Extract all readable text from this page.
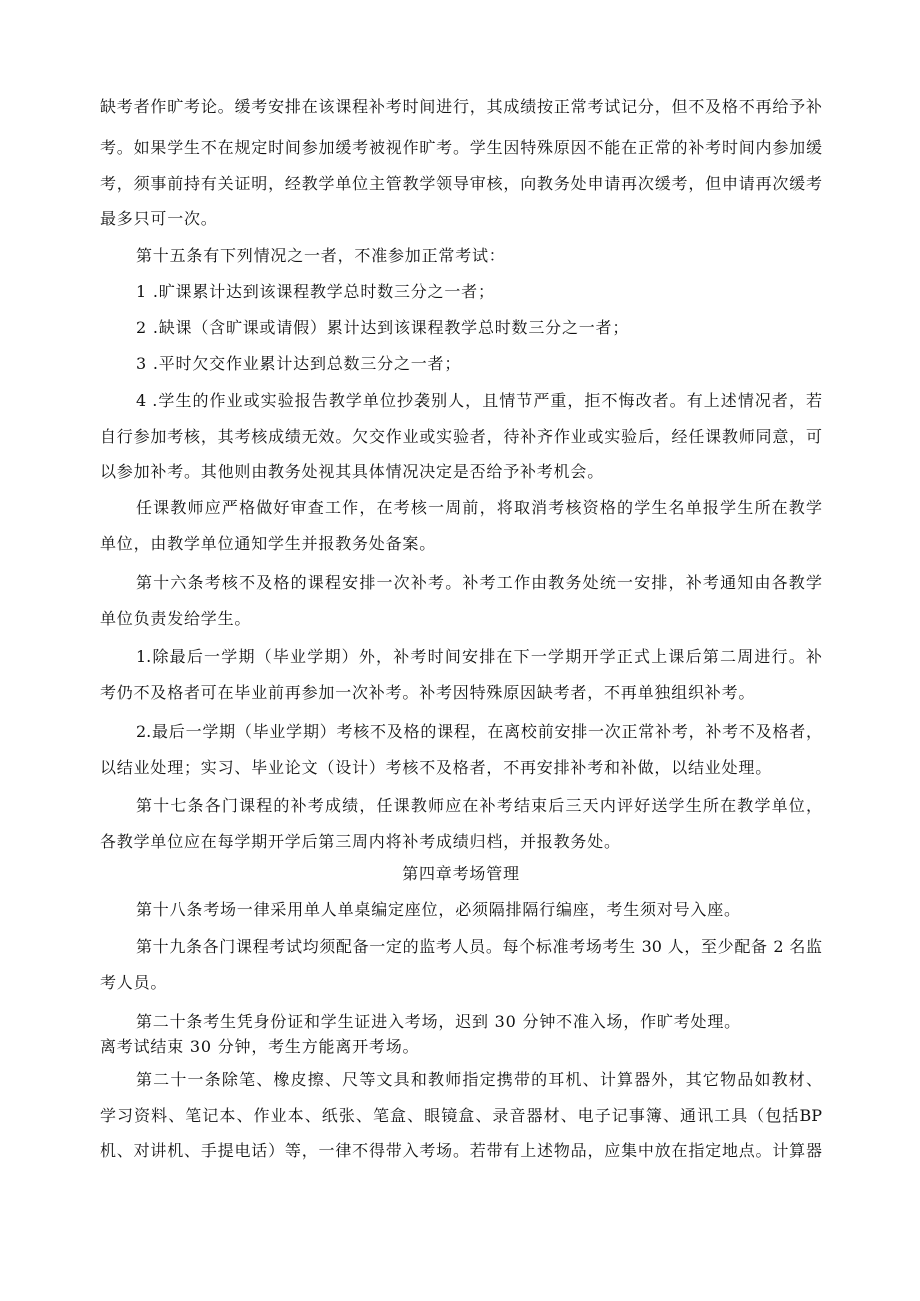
缺考者作旷考论。缓考安排在该课程补考时间进行，其成绩按正常考试记分，但不及格不再给予补
考。如果学生不在规定时间参加缓考被视作旷考。学生因特殊原因不能在正常的补考时间内参加缓
考，须事前持有关证明，经教学单位主管教学领导审核，向教务处申请再次缓考，但申请再次缓考
最多只可一次。
第十五条有下列情况之一者，不准参加正常考试：
1 .旷课累计达到该课程教学总时数三分之一者；
2 .缺课（含旷课或请假）累计达到该课程教学总时数三分之一者；
3 .平时欠交作业累计达到总数三分之一者；
4 .学生的作业或实验报告教学单位抄袭别人，且情节严重，拒不悔改者。有上述情况者，若
自行参加考核，其考核成绩无效。欠交作业或实验者，待补齐作业或实验后，经任课教师同意，可
以参加补考。其他则由教务处视其具体情况决定是否给予补考机会。
任课教师应严格做好审查工作，在考核一周前，将取消考核资格的学生名单报学生所在教学
单位，由教学单位通知学生并报教务处备案。
第十六条考核不及格的课程安排一次补考。补考工作由教务处统一安排，补考通知由各教学
单位负责发给学生。
1.除最后一学期（毕业学期）外，补考时间安排在下一学期开学正式上课后第二周进行。补
考仍不及格者可在毕业前再参加一次补考。补考因特殊原因缺考者，不再单独组织补考。
2.最后一学期（毕业学期）考核不及格的课程，在离校前安排一次正常补考，补考不及格者，
以结业处理；实习、毕业论文（设计）考核不及格者，不再安排补考和补做，以结业处理。
第十七条各门课程的补考成绩，任课教师应在补考结束后三天内评好送学生所在教学单位，
各教学单位应在每学期开学后第三周内将补考成绩归档，并报教务处。
第四章考场管理
第十八条考场一律采用单人单桌编定座位，必须隔排隔行编座，考生须对号入座。
第十九条各门课程考试均须配备一定的监考人员。每个标准考场考生 30 人，至少配备 2 名监
考人员。
第二十条考生凭身份证和学生证进入考场，迟到 30 分钟不准入场，作旷考处理。
离考试结束 30 分钟，考生方能离开考场。
第二十一条除笔、橡皮擦、尺等文具和教师指定携带的耳机、计算器外，其它物品如教材、
学习资料、笔记本、作业本、纸张、笔盒、眼镜盒、录音器材、电子记事簿、通讯工具（包括BP
机、对讲机、手提电话）等，一律不得带入考场。若带有上述物品，应集中放在指定地点。计算器
